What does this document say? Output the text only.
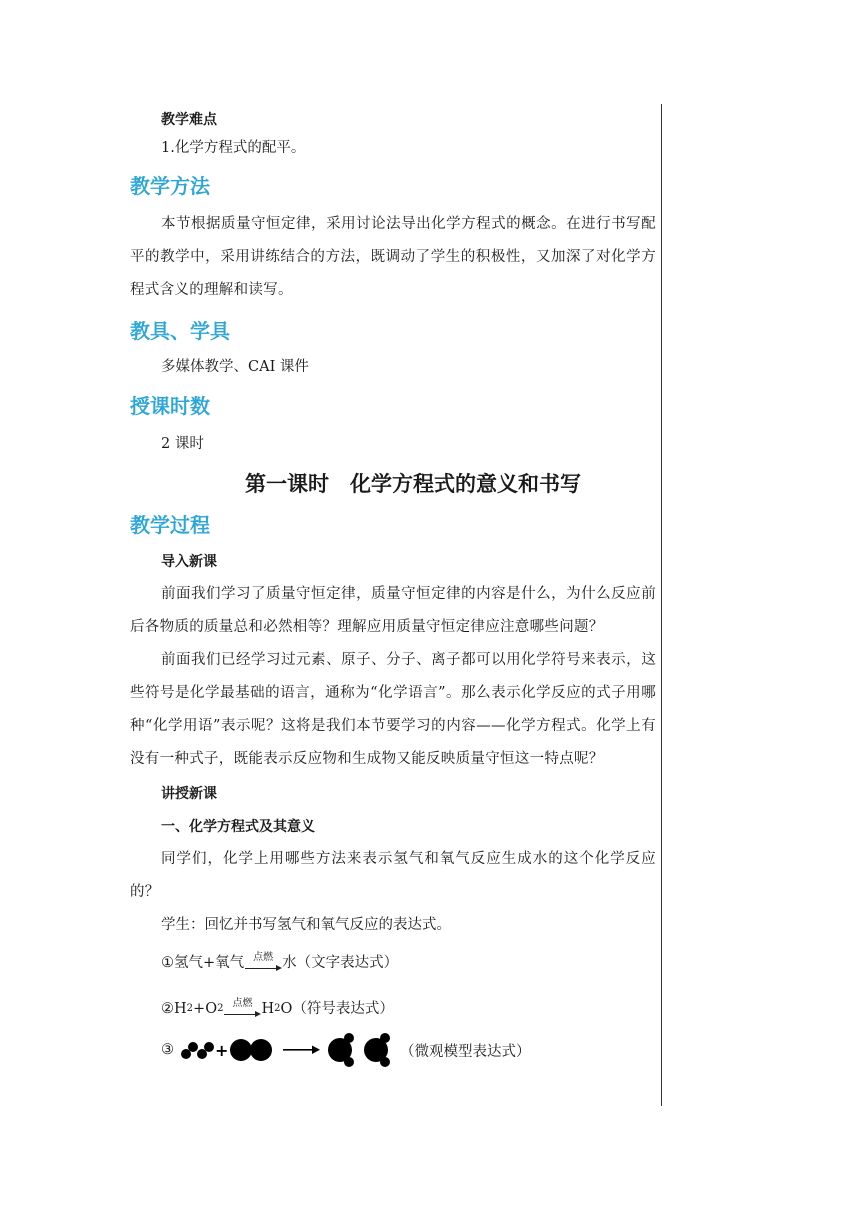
教学难点
1.化学方程式的配平。
教学方法
本节根据质量守恒定律，采用讨论法导出化学方程式的概念。在进行书写配平的教学中，采用讲练结合的方法，既调动了学生的积极性，又加深了对化学方程式含义的理解和读写。
教具、学具
多媒体教学、CAI 课件
授课时数
2 课时
第一课时　化学方程式的意义和书写
教学过程
导入新课
前面我们学习了质量守恒定律，质量守恒定律的内容是什么，为什么反应前后各物质的质量总和必然相等？理解应用质量守恒定律应注意哪些问题？
前面我们已经学习过元素、原子、分子、离子都可以用化学符号来表示，这些符号是化学最基础的语言，通称为“化学语言”。那么表示化学反应的式子用哪种“化学用语”表示呢？这将是我们本节要学习的内容——化学方程式。化学上有没有一种式子，既能表示反应物和生成物又能反映质量守恒这一特点呢？
讲授新课
一、化学方程式及其意义
同学们，化学上用哪些方法来表示氢气和氧气反应生成水的这个化学反应的？
学生：回忆并书写氢气和氧气反应的表达式。
① 氢气+氧气 点燃 水 （文字表达式）
② H 2 + O 2 点燃 H 2 O （符号表达式）
③	+	（微观模型表达式）
